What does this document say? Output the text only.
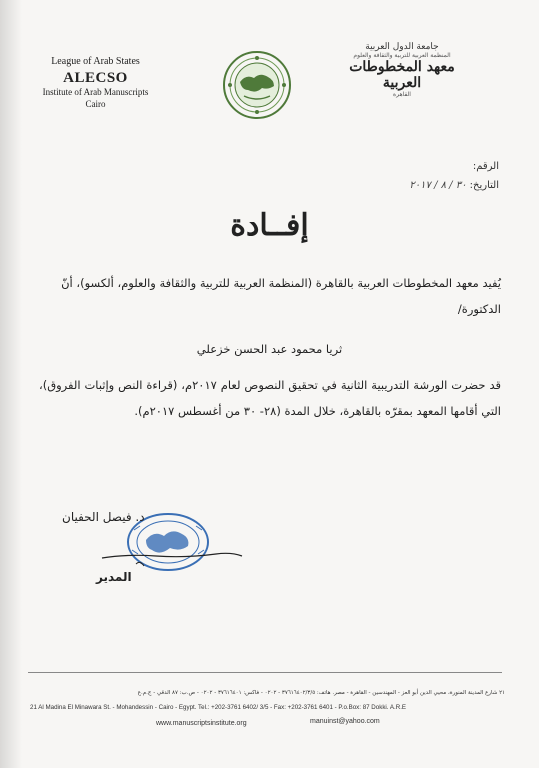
League of Arab States
ALECSO
Institute of Arab Manuscripts
Cairo
جامعة الدول العربية
المنظمة العربية للتربية والثقافة والعلوم
معهد المخطوطات العربية
القاهرة
الرقم:
التاريخ: ٣٠ / ٨ / ٢٠١٧
إفــادة
يُفيد معهد المخطوطات العربية بالقاهرة (المنظمة العربية للتربية والثقافة والعلوم، ألكسو)، أنّ الدكتورة/
ثريا محمود عبد الحسن خزعلي
قد حضرت الورشة التدريبية الثانية في تحقيق النصوص لعام ٢٠١٧م، (قراءة النص وإثبات الفروق)، التي أقامها المعهد بمقرّه بالقاهرة، خلال المدة (٢٨- ٣٠ من أغسطس ٢٠١٧م).
د. فيصل الحفيان
المدير
٢١ شارع المدينة المنورة، محيي الدين أبو العز - المهندسين - القاهرة - مصر. هاتف: ٣٧٦١٦٤٠٢/٣/٥ - ٠٢٠٢ - فاكس: ٣٧٦١٦٤٠١ - ٠٢٠٢ - ص.ب: ٨٧ الدقي - ج.م.ع
21 Al Madina El Minawara St. - Mohandessin - Cairo - Egypt. Tel.: +202-3761 6402/ 3/5 - Fax: +202-3761 6401 - P.o.Box: 87 Dokki. A.R.E
www.manuscriptsinstitute.org	manuinst@yahoo.com
